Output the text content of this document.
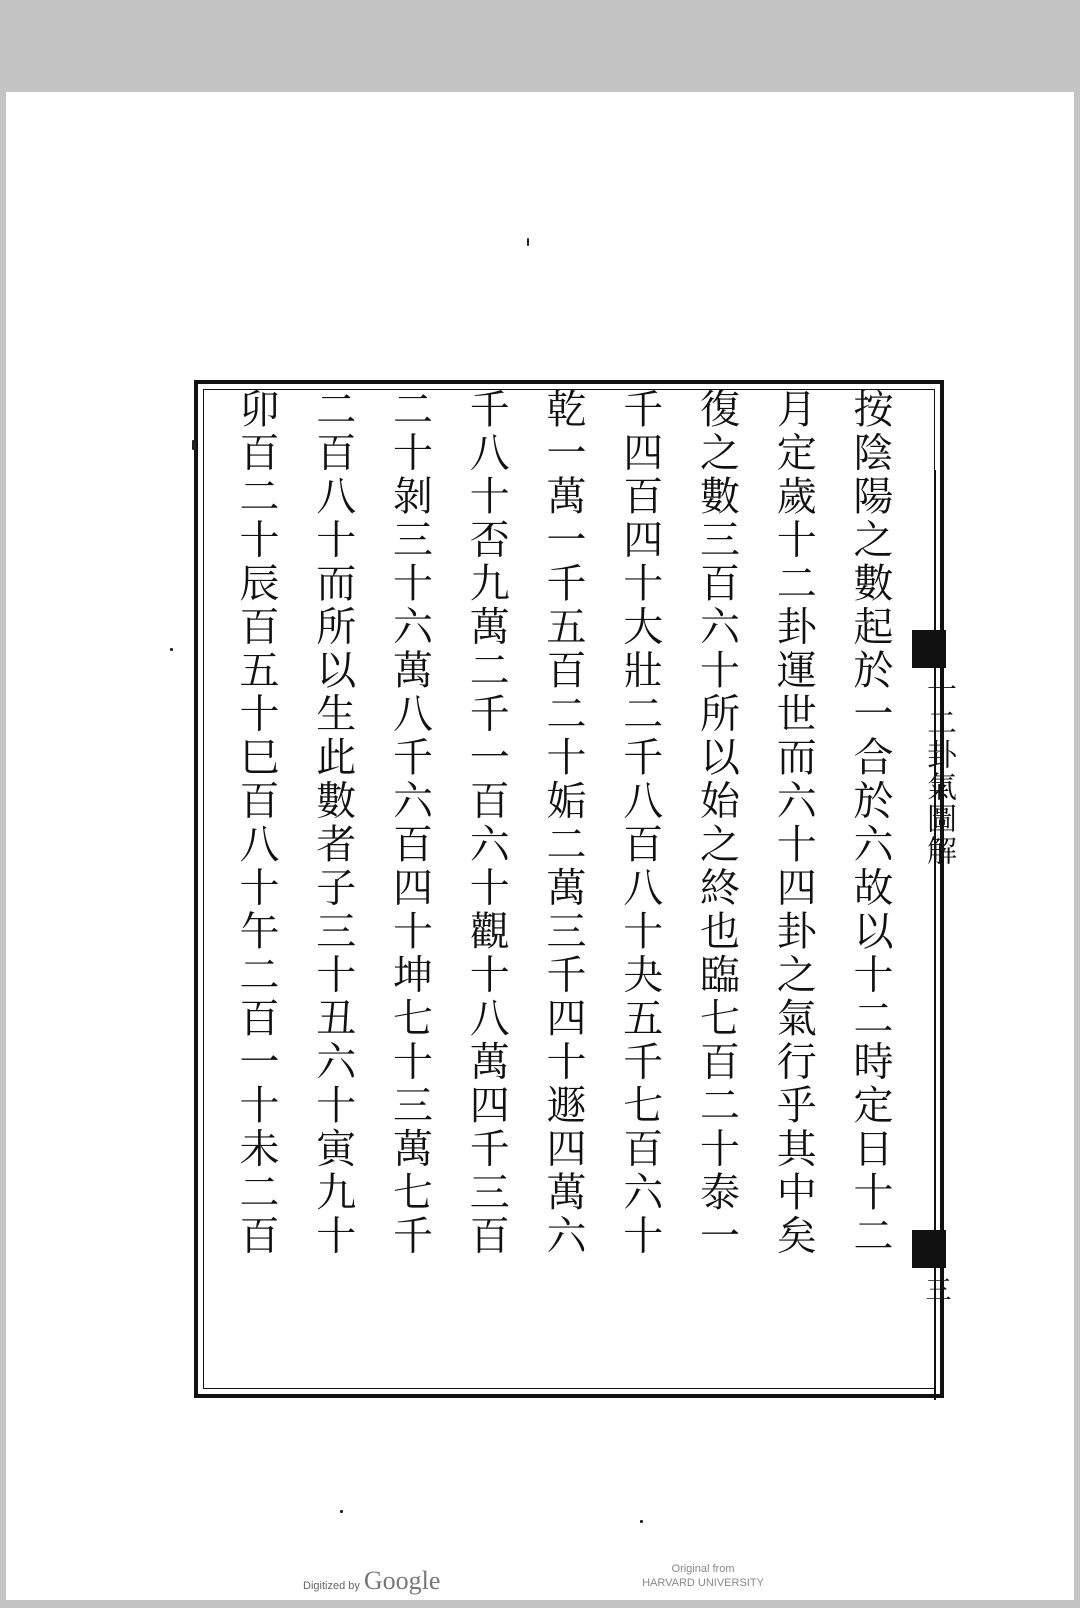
按陰陽之數起於一合於六故以十二時定日十二
月定歲十二卦運世而六十四卦之氣行乎其中矣
復之數三百六十所以始之終也臨七百二十泰一
千四百四十大壯二千八百八十夬五千七百六十
乾一萬一千五百二十姤二萬三千四十遯四萬六
千八十否九萬二千一百六十觀十八萬四千三百
二十剝三十六萬八千六百四十坤七十三萬七千
二百八十而所以生此數者子三十丑六十寅九十
卯百二十辰百五十巳百八十午二百一十未二百	十二卦氣圖解
三
Digitized by Google	Original from
HARVARD UNIVERSITY
